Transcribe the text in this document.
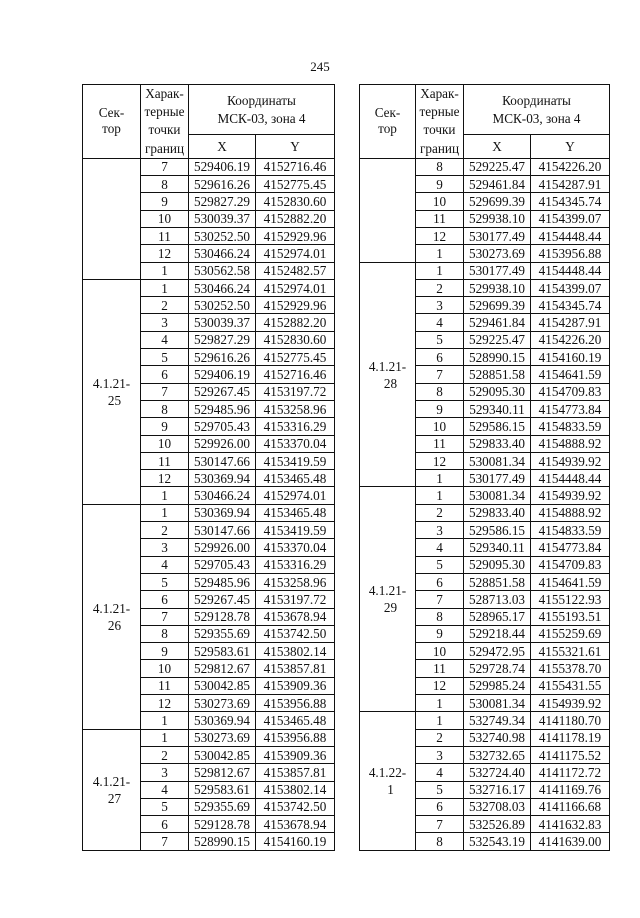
245
Сек-
тор	Харак-
терные
точки
границ	Координаты
МСК-03, зона 4	
		X	Y

	7	529406.19	4152716.46
	8	529616.26	4152775.45
	9	529827.29	4152830.60
	10	530039.37	4152882.20
	11	530252.50	4152929.96
	12	530466.24	4152974.01
	1	530562.58	4152482.57
4.1.21-
25	1	530466.24	4152974.01
	2	530252.50	4152929.96
	3	530039.37	4152882.20
	4	529827.29	4152830.60
	5	529616.26	4152775.45
	6	529406.19	4152716.46
	7	529267.45	4153197.72
	8	529485.96	4153258.96
	9	529705.43	4153316.29
	10	529926.00	4153370.04
	11	530147.66	4153419.59
	12	530369.94	4153465.48
	1	530466.24	4152974.01
4.1.21-
26	1	530369.94	4153465.48
	2	530147.66	4153419.59
	3	529926.00	4153370.04
	4	529705.43	4153316.29
	5	529485.96	4153258.96
	6	529267.45	4153197.72
	7	529128.78	4153678.94
	8	529355.69	4153742.50
	9	529583.61	4153802.14
	10	529812.67	4153857.81
	11	530042.85	4153909.36
	12	530273.69	4153956.88
	1	530369.94	4153465.48
4.1.21-
27	1	530273.69	4153956.88
	2	530042.85	4153909.36
	3	529812.67	4153857.81
	4	529583.61	4153802.14
	5	529355.69	4153742.50
	6	529128.78	4153678.94
	7	528990.15	4154160.19
Сек-
тор	Харак-
терные
точки
границ	Координаты
МСК-03, зона 4	
		X	Y

	8	529225.47	4154226.20
	9	529461.84	4154287.91
	10	529699.39	4154345.74
	11	529938.10	4154399.07
	12	530177.49	4154448.44
	1	530273.69	4153956.88
4.1.21-
28	1	530177.49	4154448.44
	2	529938.10	4154399.07
	3	529699.39	4154345.74
	4	529461.84	4154287.91
	5	529225.47	4154226.20
	6	528990.15	4154160.19
	7	528851.58	4154641.59
	8	529095.30	4154709.83
	9	529340.11	4154773.84
	10	529586.15	4154833.59
	11	529833.40	4154888.92
	12	530081.34	4154939.92
	1	530177.49	4154448.44
4.1.21-
29	1	530081.34	4154939.92
	2	529833.40	4154888.92
	3	529586.15	4154833.59
	4	529340.11	4154773.84
	5	529095.30	4154709.83
	6	528851.58	4154641.59
	7	528713.03	4155122.93
	8	528965.17	4155193.51
	9	529218.44	4155259.69
	10	529472.95	4155321.61
	11	529728.74	4155378.70
	12	529985.24	4155431.55
	1	530081.34	4154939.92
4.1.22-
1	1	532749.34	4141180.70
	2	532740.98	4141178.19
	3	532732.65	4141175.52
	4	532724.40	4141172.72
	5	532716.17	4141169.76
	6	532708.03	4141166.68
	7	532526.89	4141632.83
	8	532543.19	4141639.00
